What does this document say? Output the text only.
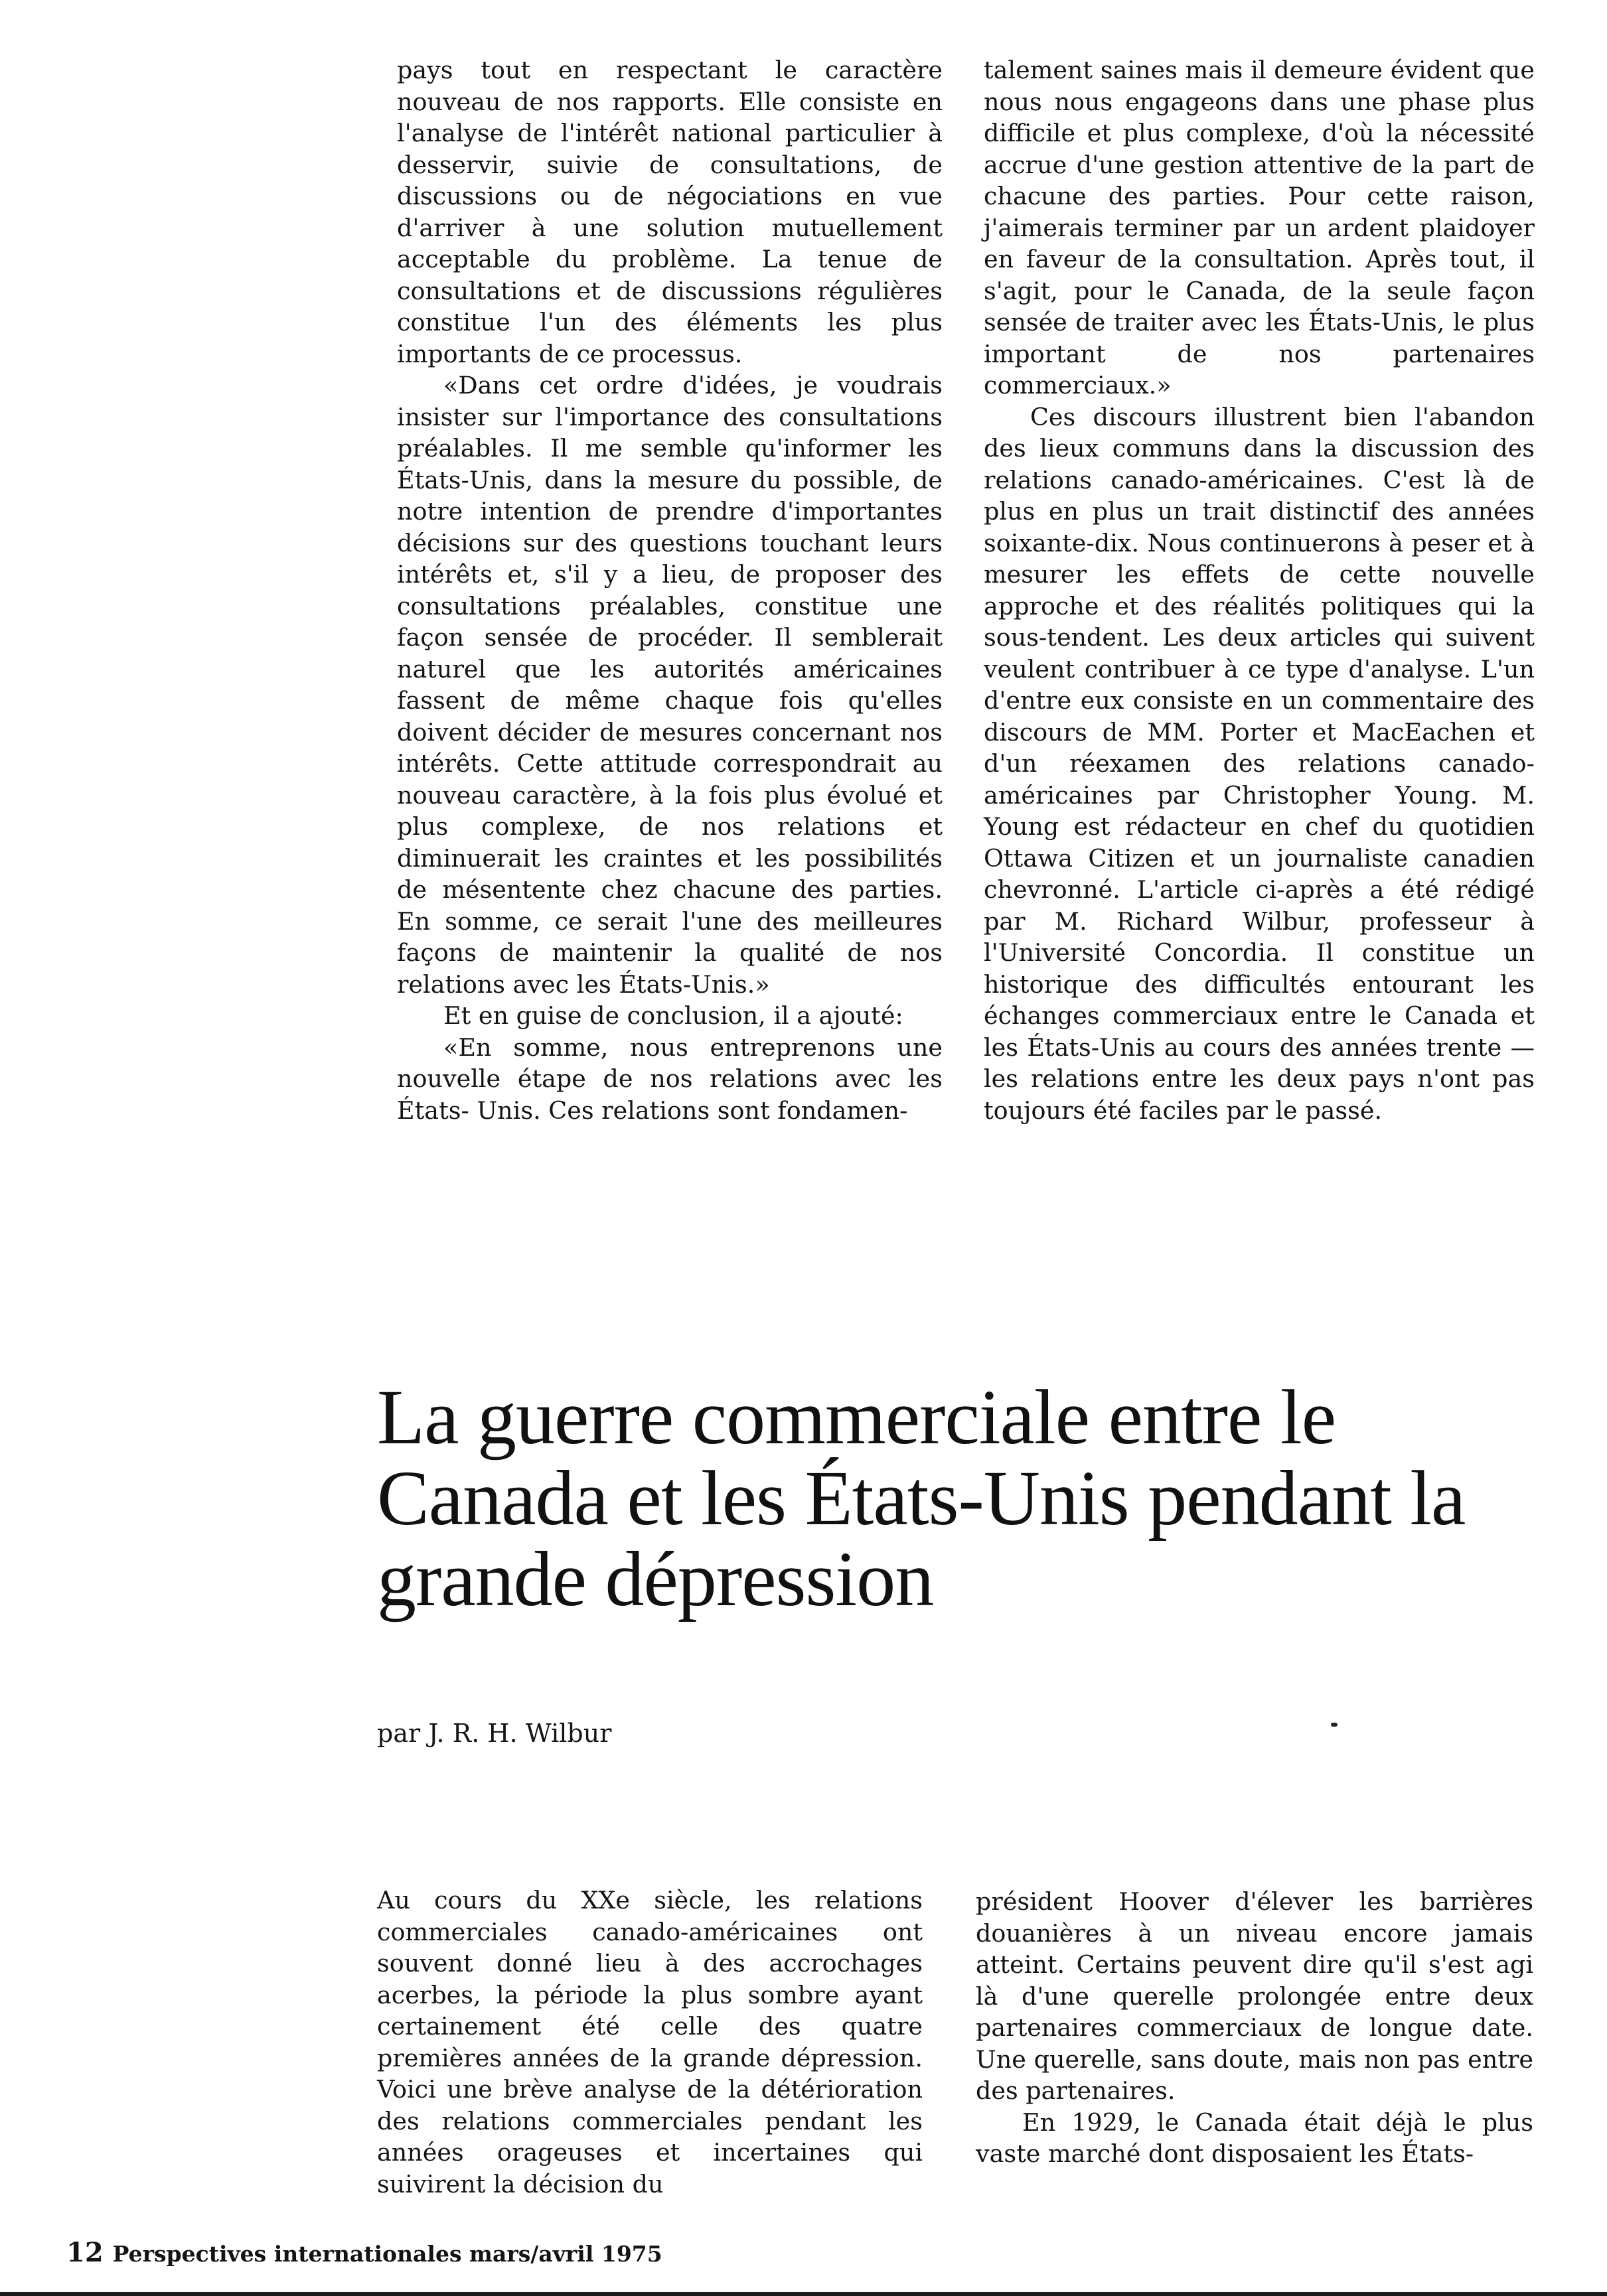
pays tout en respectant le caractère nouveau de nos rapports. Elle consiste en l'analyse de l'intérêt national particulier à desservir, suivie de consultations, de discussions ou de négociations en vue d'arriver à une solution mutuellement acceptable du problème. La tenue de consultations et de discussions régulières constitue l'un des éléments les plus importants de ce processus.

«Dans cet ordre d'idées, je voudrais insister sur l'importance des consultations préalables. Il me semble qu'informer les États-Unis, dans la mesure du possible, de notre intention de prendre d'importantes décisions sur des questions touchant leurs intérêts et, s'il y a lieu, de proposer des consultations préalables, constitue une façon sensée de procéder. Il semblerait naturel que les autorités américaines fassent de même chaque fois qu'elles doivent décider de mesures concernant nos intérêts. Cette attitude correspondrait au nouveau caractère, à la fois plus évolué et plus complexe, de nos relations et diminuerait les craintes et les possibilités de mésentente chez chacune des parties. En somme, ce serait l'une des meilleures façons de maintenir la qualité de nos relations avec les États-Unis.»

Et en guise de conclusion, il a ajouté:

«En somme, nous entreprenons une nouvelle étape de nos relations avec les États- Unis. Ces relations sont fondamen-

talement saines mais il demeure évident que nous nous engageons dans une phase plus difficile et plus complexe, d'où la nécessité accrue d'une gestion attentive de la part de chacune des parties. Pour cette raison, j'aimerais terminer par un ardent plaidoyer en faveur de la consultation. Après tout, il s'agit, pour le Canada, de la seule façon sensée de traiter avec les États-Unis, le plus important de nos partenaires commerciaux.»

Ces discours illustrent bien l'abandon des lieux communs dans la discussion des relations canado-américaines. C'est là de plus en plus un trait distinctif des années soixante-dix. Nous continuerons à peser et à mesurer les effets de cette nouvelle approche et des réalités politiques qui la sous-tendent. Les deux articles qui suivent veulent contribuer à ce type d'analyse. L'un d'entre eux consiste en un commentaire des discours de MM. Porter et MacEachen et d'un réexamen des relations canado-américaines par Christopher Young. M. Young est rédacteur en chef du quotidien Ottawa Citizen et un journaliste canadien chevronné. L'article ci-après a été rédigé par M. Richard Wilbur, professeur à l'Université Concordia. Il constitue un historique des difficultés entourant les échanges commerciaux entre le Canada et les États-Unis au cours des années trente — les relations entre les deux pays n'ont pas toujours été faciles par le passé.

La guerre commerciale entre le Canada et les États-Unis pendant la grande dépression

par J. R. H. Wilbur

Au cours du XXe siècle, les relations commerciales canado-américaines ont souvent donné lieu à des accrochages acerbes, la période la plus sombre ayant certainement été celle des quatre premières années de la grande dépression. Voici une brève analyse de la détérioration des relations commerciales pendant les années orageuses et incertaines qui suivirent la décision du

président Hoover d'élever les barrières douanières à un niveau encore jamais atteint. Certains peuvent dire qu'il s'est agi là d'une querelle prolongée entre deux partenaires commerciaux de longue date. Une querelle, sans doute, mais non pas entre des partenaires.

En 1929, le Canada était déjà le plus vaste marché dont disposaient les États-

12 Perspectives internationales mars/avril 1975
